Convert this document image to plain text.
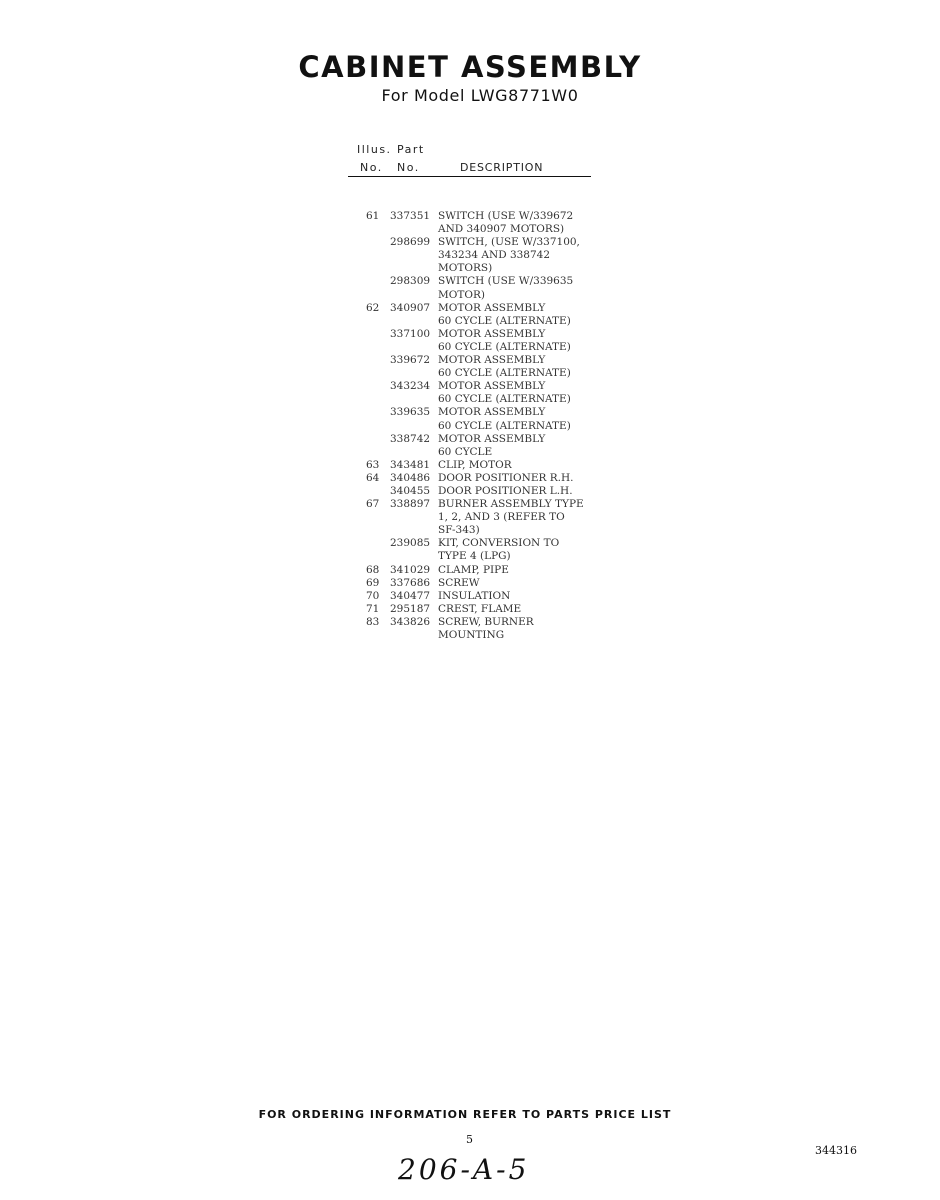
CABINET ASSEMBLY
For Model LWG8771W0
Illus. Part
No. No.	DESCRIPTION
61 337351 SWITCH (USE W/339672
AND 340907 MOTORS)
298699 SWITCH, (USE W/337100,
343234 AND 338742
MOTORS)
298309 SWITCH (USE W/339635
MOTOR)
62 340907 MOTOR ASSEMBLY
60 CYCLE (ALTERNATE)
337100 MOTOR ASSEMBLY
60 CYCLE (ALTERNATE)
339672 MOTOR ASSEMBLY
60 CYCLE (ALTERNATE)
343234 MOTOR ASSEMBLY
60 CYCLE (ALTERNATE)
339635 MOTOR ASSEMBLY
60 CYCLE (ALTERNATE)
338742 MOTOR ASSEMBLY
60 CYCLE
63 343481 CLIP, MOTOR
64 340486 DOOR POSITIONER R.H.
340455 DOOR POSITIONER L.H.
67 338897 BURNER ASSEMBLY TYPE
1, 2, AND 3 (REFER TO
SF-343)
239085 KIT, CONVERSION TO
TYPE 4 (LPG)
68 341029 CLAMP, PIPE
69 337686 SCREW
70 340477 INSULATION
71 295187 CREST, FLAME
83 343826 SCREW, BURNER
MOUNTING
FOR ORDERING INFORMATION REFER TO PARTS PRICE LIST
5
344316
206-A-5
